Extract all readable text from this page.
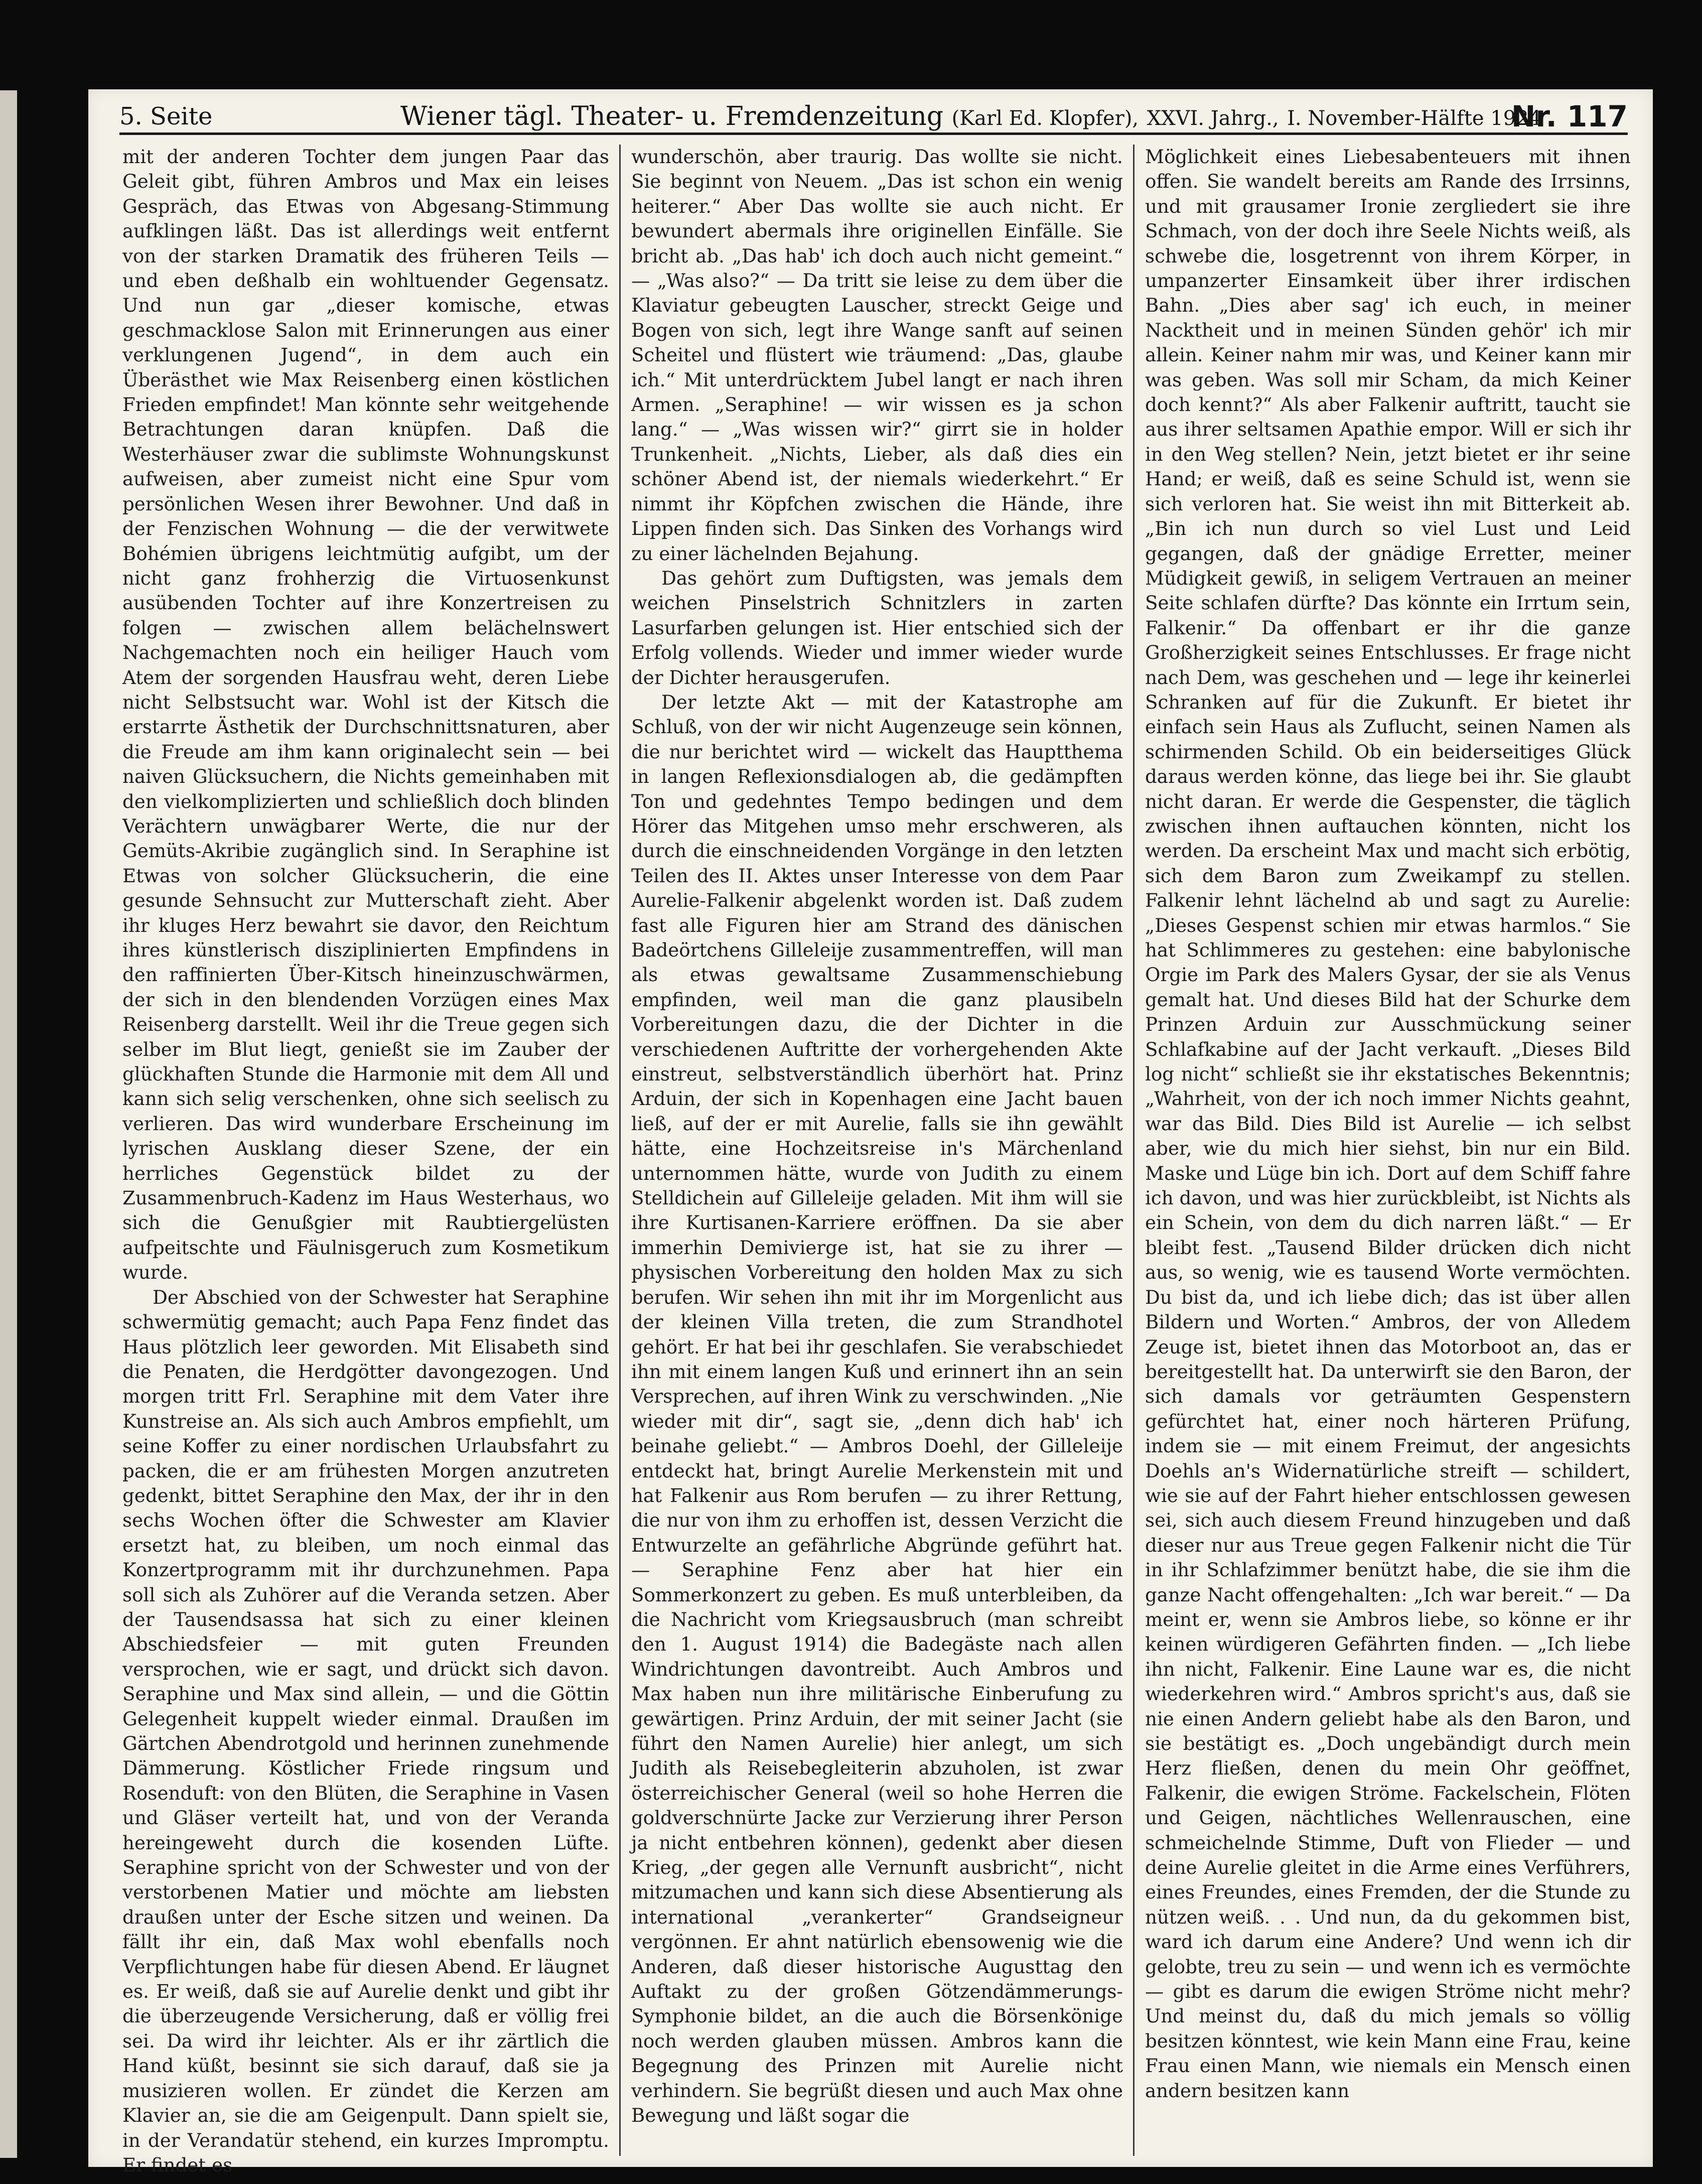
5. Seite	Wiener tägl. Theater- u. Fremdenzeitung (Karl Ed. Klopfer), XXVI. Jahrg., I. November-Hälfte 1924
Nr. 117

mit der anderen Tochter dem jungen Paar das Geleit gibt, führen Ambros und Max ein leises Gespräch, das Etwas von Abgesang-Stimmung aufklingen läßt. Das ist allerdings weit entfernt von der starken Dramatik des früheren Teils — und eben deßhalb ein wohltuender Gegensatz. Und nun gar „dieser komische, etwas geschmacklose Salon mit Erinnerungen aus einer verklungenen Jugend“, in dem auch ein Überästhet wie Max Reisenberg einen köstlichen Frieden empfindet! Man könnte sehr weitgehende Betrachtungen daran knüpfen. Daß die Westerhäuser zwar die sublimste Wohnungskunst aufweisen, aber zumeist nicht eine Spur vom persönlichen Wesen ihrer Bewohner. Und daß in der Fenzischen Wohnung — die der verwitwete Bohémien übrigens leichtmütig aufgibt, um der nicht ganz frohherzig die Virtuosenkunst ausübenden Tochter auf ihre Konzertreisen zu folgen — zwischen allem belächelnswert Nachgemachten noch ein heiliger Hauch vom Atem der sorgenden Hausfrau weht, deren Liebe nicht Selbstsucht war. Wohl ist der Kitsch die erstarrte Ästhetik der Durchschnittsnaturen, aber die Freude am ihm kann originalecht sein — bei naiven Glücksuchern, die Nichts gemeinhaben mit den vielkomplizierten und schließlich doch blinden Verächtern unwägbarer Werte, die nur der Gemüts-Akribie zugänglich sind. In Seraphine ist Etwas von solcher Glücksucherin, die eine gesunde Sehnsucht zur Mutterschaft zieht. Aber ihr kluges Herz bewahrt sie davor, den Reichtum ihres künstlerisch disziplinierten Empfindens in den raffinierten Über-Kitsch hineinzuschwärmen, der sich in den blendenden Vorzügen eines Max Reisenberg darstellt. Weil ihr die Treue gegen sich selber im Blut liegt, genießt sie im Zauber der glückhaften Stunde die Harmonie mit dem All und kann sich selig verschenken, ohne sich seelisch zu verlieren. Das wird wunderbare Erscheinung im lyrischen Ausklang dieser Szene, der ein herrliches Gegenstück bildet zu der Zusammenbruch-Kadenz im Haus Westerhaus, wo sich die Genußgier mit Raubtiergelüsten aufpeitschte und Fäulnisgeruch zum Kosmetikum wurde.

Der Abschied von der Schwester hat Seraphine schwermütig gemacht; auch Papa Fenz findet das Haus plötzlich leer geworden. Mit Elisabeth sind die Penaten, die Herdgötter davongezogen. Und morgen tritt Frl. Seraphine mit dem Vater ihre Kunstreise an. Als sich auch Ambros empfiehlt, um seine Koffer zu einer nordischen Urlaubsfahrt zu packen, die er am frühesten Morgen anzutreten gedenkt, bittet Seraphine den Max, der ihr in den sechs Wochen öfter die Schwester am Klavier ersetzt hat, zu bleiben, um noch einmal das Konzertprogramm mit ihr durchzunehmen. Papa soll sich als Zuhörer auf die Veranda setzen. Aber der Tausendsassa hat sich zu einer kleinen Abschiedsfeier — mit guten Freunden versprochen, wie er sagt, und drückt sich davon. Seraphine und Max sind allein, — und die Göttin Gelegenheit kuppelt wieder einmal. Draußen im Gärtchen Abendrotgold und herinnen zunehmende Dämmerung. Köstlicher Friede ringsum und Rosenduft: von den Blüten, die Seraphine in Vasen und Gläser verteilt hat, und von der Veranda hereingeweht durch die kosenden Lüfte. Seraphine spricht von der Schwester und von der verstorbenen Matier und möchte am liebsten draußen unter der Esche sitzen und weinen. Da fällt ihr ein, daß Max wohl ebenfalls noch Verpflichtungen habe für diesen Abend. Er läugnet es. Er weiß, daß sie auf Aurelie denkt und gibt ihr die überzeugende Versicherung, daß er völlig frei sei. Da wird ihr leichter. Als er ihr zärtlich die Hand küßt, besinnt sie sich darauf, daß sie ja musizieren wollen. Er zündet die Kerzen am Klavier an, sie die am Geigenpult. Dann spielt sie, in der Verandatür stehend, ein kurzes Impromptu. Er findet es

wunderschön, aber traurig. Das wollte sie nicht. Sie beginnt von Neuem. „Das ist schon ein wenig heiterer.“ Aber Das wollte sie auch nicht. Er bewundert abermals ihre originellen Einfälle. Sie bricht ab. „Das hab' ich doch auch nicht gemeint.“ — „Was also?“ — Da tritt sie leise zu dem über die Klaviatur gebeugten Lauscher, streckt Geige und Bogen von sich, legt ihre Wange sanft auf seinen Scheitel und flüstert wie träumend: „Das, glaube ich.“ Mit unterdrücktem Jubel langt er nach ihren Armen. „Seraphine! — wir wissen es ja schon lang.“ — „Was wissen wir?“ girrt sie in holder Trunkenheit. „Nichts, Lieber, als daß dies ein schöner Abend ist, der niemals wiederkehrt.“ Er nimmt ihr Köpfchen zwischen die Hände, ihre Lippen finden sich. Das Sinken des Vorhangs wird zu einer lächelnden Bejahung.

Das gehört zum Duftigsten, was jemals dem weichen Pinselstrich Schnitzlers in zarten Lasurfarben gelungen ist. Hier entschied sich der Erfolg vollends. Wieder und immer wieder wurde der Dichter herausgerufen.

Der letzte Akt — mit der Katastrophe am Schluß, von der wir nicht Augenzeuge sein können, die nur berichtet wird — wickelt das Hauptthema in langen Reflexionsdialogen ab, die gedämpften Ton und gedehntes Tempo bedingen und dem Hörer das Mitgehen umso mehr erschweren, als durch die einschneidenden Vorgänge in den letzten Teilen des II. Aktes unser Interesse von dem Paar Aurelie-Falkenir abgelenkt worden ist. Daß zudem fast alle Figuren hier am Strand des dänischen Badeörtchens Gilleleije zusammentreffen, will man als etwas gewaltsame Zusammenschiebung empfinden, weil man die ganz plausibeln Vorbereitungen dazu, die der Dichter in die verschiedenen Auftritte der vorhergehenden Akte einstreut, selbstverständlich überhört hat. Prinz Arduin, der sich in Kopenhagen eine Jacht bauen ließ, auf der er mit Aurelie, falls sie ihn gewählt hätte, eine Hochzeitsreise in's Märchenland unternommen hätte, wurde von Judith zu einem Stelldichein auf Gilleleije geladen. Mit ihm will sie ihre Kurtisanen-Karriere eröffnen. Da sie aber immerhin Demivierge ist, hat sie zu ihrer — physischen Vorbereitung den holden Max zu sich berufen. Wir sehen ihn mit ihr im Morgenlicht aus der kleinen Villa treten, die zum Strandhotel gehört. Er hat bei ihr geschlafen. Sie verabschiedet ihn mit einem langen Kuß und erinnert ihn an sein Versprechen, auf ihren Wink zu verschwinden. „Nie wieder mit dir“, sagt sie, „denn dich hab' ich beinahe geliebt.“ — Ambros Doehl, der Gilleleije entdeckt hat, bringt Aurelie Merkenstein mit und hat Falkenir aus Rom berufen — zu ihrer Rettung, die nur von ihm zu erhoffen ist, dessen Verzicht die Entwurzelte an gefährliche Abgründe geführt hat. — Seraphine Fenz aber hat hier ein Sommerkonzert zu geben. Es muß unterbleiben, da die Nachricht vom Kriegsausbruch (man schreibt den 1. August 1914) die Badegäste nach allen Windrichtungen davontreibt. Auch Ambros und Max haben nun ihre militärische Einberufung zu gewärtigen. Prinz Arduin, der mit seiner Jacht (sie führt den Namen Aurelie) hier anlegt, um sich Judith als Reisebegleiterin abzuholen, ist zwar österreichischer General (weil so hohe Herren die goldverschnürte Jacke zur Verzierung ihrer Person ja nicht entbehren können), gedenkt aber diesen Krieg, „der gegen alle Vernunft ausbricht“, nicht mitzumachen und kann sich diese Absentierung als international „verankerter“ Grandseigneur vergönnen. Er ahnt natürlich ebensowenig wie die Anderen, daß dieser historische Augusttag den Auftakt zu der großen Götzendämmerungs-Symphonie bildet, an die auch die Börsenkönige noch werden glauben müssen. Ambros kann die Begegnung des Prinzen mit Aurelie nicht verhindern. Sie begrüßt diesen und auch Max ohne Bewegung und läßt sogar die

Möglichkeit eines Liebesabenteuers mit ihnen offen. Sie wandelt bereits am Rande des Irrsinns, und mit grausamer Ironie zergliedert sie ihre Schmach, von der doch ihre Seele Nichts weiß, als schwebe die, losgetrennt von ihrem Körper, in umpanzerter Einsamkeit über ihrer irdischen Bahn. „Dies aber sag' ich euch, in meiner Nacktheit und in meinen Sünden gehör' ich mir allein. Keiner nahm mir was, und Keiner kann mir was geben. Was soll mir Scham, da mich Keiner doch kennt?“ Als aber Falkenir auftritt, taucht sie aus ihrer seltsamen Apathie empor. Will er sich ihr in den Weg stellen? Nein, jetzt bietet er ihr seine Hand; er weiß, daß es seine Schuld ist, wenn sie sich verloren hat. Sie weist ihn mit Bitterkeit ab. „Bin ich nun durch so viel Lust und Leid gegangen, daß der gnädige Erretter, meiner Müdigkeit gewiß, in seligem Vertrauen an meiner Seite schlafen dürfte? Das könnte ein Irrtum sein, Falkenir.“ Da offenbart er ihr die ganze Großherzigkeit seines Entschlusses. Er frage nicht nach Dem, was geschehen und — lege ihr keinerlei Schranken auf für die Zukunft. Er bietet ihr einfach sein Haus als Zuflucht, seinen Namen als schirmenden Schild. Ob ein beiderseitiges Glück daraus werden könne, das liege bei ihr. Sie glaubt nicht daran. Er werde die Gespenster, die täglich zwischen ihnen auftauchen könnten, nicht los werden. Da erscheint Max und macht sich erbötig, sich dem Baron zum Zweikampf zu stellen. Falkenir lehnt lächelnd ab und sagt zu Aurelie: „Dieses Gespenst schien mir etwas harmlos.“ Sie hat Schlimmeres zu gestehen: eine babylonische Orgie im Park des Malers Gysar, der sie als Venus gemalt hat. Und dieses Bild hat der Schurke dem Prinzen Arduin zur Ausschmückung seiner Schlafkabine auf der Jacht verkauft. „Dieses Bild log nicht“ schließt sie ihr ekstatisches Bekenntnis; „Wahrheit, von der ich noch immer Nichts geahnt, war das Bild. Dies Bild ist Aurelie — ich selbst aber, wie du mich hier siehst, bin nur ein Bild. Maske und Lüge bin ich. Dort auf dem Schiff fahre ich davon, und was hier zurückbleibt, ist Nichts als ein Schein, von dem du dich narren läßt.“ — Er bleibt fest. „Tausend Bilder drücken dich nicht aus, so wenig, wie es tausend Worte vermöchten. Du bist da, und ich liebe dich; das ist über allen Bildern und Worten.“ Ambros, der von Alledem Zeuge ist, bietet ihnen das Motorboot an, das er bereitgestellt hat. Da unterwirft sie den Baron, der sich damals vor geträumten Gespenstern gefürchtet hat, einer noch härteren Prüfung, indem sie — mit einem Freimut, der angesichts Doehls an's Widernatürliche streift — schildert, wie sie auf der Fahrt hieher entschlossen gewesen sei, sich auch diesem Freund hinzugeben und daß dieser nur aus Treue gegen Falkenir nicht die Tür in ihr Schlafzimmer benützt habe, die sie ihm die ganze Nacht offengehalten: „Ich war bereit.“ — Da meint er, wenn sie Ambros liebe, so könne er ihr keinen würdigeren Gefährten finden. — „Ich liebe ihn nicht, Falkenir. Eine Laune war es, die nicht wiederkehren wird.“ Ambros spricht's aus, daß sie nie einen Andern geliebt habe als den Baron, und sie bestätigt es. „Doch ungebändigt durch mein Herz fließen, denen du mein Ohr geöffnet, Falkenir, die ewigen Ströme. Fackelschein, Flöten und Geigen, nächtliches Wellenrauschen, eine schmeichelnde Stimme, Duft von Flieder — und deine Aurelie gleitet in die Arme eines Verführers, eines Freundes, eines Fremden, der die Stunde zu nützen weiß. . . Und nun, da du gekommen bist, ward ich darum eine Andere? Und wenn ich dir gelobte, treu zu sein — und wenn ich es vermöchte — gibt es darum die ewigen Ströme nicht mehr? Und meinst du, daß du mich jemals so völlig besitzen könntest, wie kein Mann eine Frau, keine Frau einen Mann, wie niemals ein Mensch einen andern besitzen kann
